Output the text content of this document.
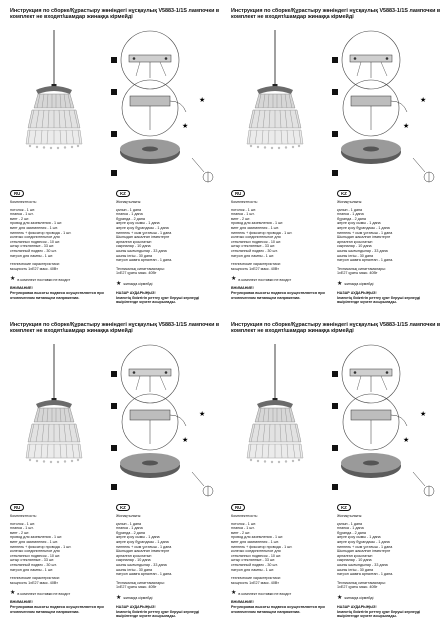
Инструкция по сборке/Құрастыру жөніндегі нұсқаулық V5883-1/1S лампочки в комплект не входят/шамдар жинаққа кірмейді
RU
Комплектность:
потолок - 1 шт.
планка - 1 шт.
винт - 2 шт.
провод для заземления - 1 шт.
винт для заземления - 1 шт.
ниппель + фиксатор провода - 1 шт.
колечко соединительное для
стеклянных подвесок - 10 шт.
штыр стеклянные - 33 шт.
стеклянный подвес - 30 шт.
патрон для лампы - 1 шт.
технические характеристики:
мощность 1xE27 макс. 40Вт
★ в комплект поставки не входит
ВНИМАНИЕ!
Регулировка высоты подвеса осуществляется при отключенном питающем напряжении.
KZ
Жинақтылығы:
қалып - 1 дана
планка - 1 дана
бұранда - 2 дана
жерге қосу сымы - 1 дана
жерге қосу бұрандасы - 1 дана
ниппель + сым ұстағыш - 1 дана
Шыныдан жасалған ілмектерге
арналған қосылатын
сақиналар - 10 дана
шыны шығындылар - 33 дана
шыны ілгіш - 30 дана
патрон шамға арналған - 1 дана.
Техникалық сипаттамалары:
1xE27 қуаты макс. 40Вт
★ жинаққа кірмейді
НАЗАР АУДАРЫҢЫЗ!
Ілмектің биіктігін реттеу қуат беруші кернеуді өшірілгенде жүзеге асырылады.
Инструкция по сборке/Құрастыру жөніндегі нұсқаулық V5883-1/1S лампочки в комплект не входят/шамдар жинаққа кірмейді
RU
Комплектность:
потолок - 1 шт.
планка - 1 шт.
винт - 2 шт.
провод для заземления - 1 шт.
винт для заземления - 1 шт.
ниппель + фиксатор провода - 1 шт.
колечко соединительное для
стеклянных подвесок - 10 шт.
штыр стеклянные - 33 шт.
стеклянный подвес - 30 шт.
патрон для лампы - 1 шт.
технические характеристики:
мощность 1xE27 макс. 40Вт
★ в комплект поставки не входит
ВНИМАНИЕ!
Регулировка высоты подвеса осуществляется при отключенном питающем напряжении.
KZ
Жинақтылығы:
қалып - 1 дана
планка - 1 дана
бұранда - 2 дана
жерге қосу сымы - 1 дана
жерге қосу бұрандасы - 1 дана
ниппель + сым ұстағыш - 1 дана
Шыныдан жасалған ілмектерге
арналған қосылатын
сақиналар - 10 дана
шыны шығындылар - 33 дана
шыны ілгіш - 30 дана
патрон шамға арналған - 1 дана.
Техникалық сипаттамалары:
1xE27 қуаты макс. 40Вт
★ жинаққа кірмейді
НАЗАР АУДАРЫҢЫЗ!
Ілмектің биіктігін реттеу қуат беруші кернеуді өшірілгенде жүзеге асырылады.
Инструкция по сборке/Құрастыру жөніндегі нұсқаулық V5883-1/1S лампочки в комплект не входят/шамдар жинаққа кірмейді
RU
Комплектность:
потолок - 1 шт.
планка - 1 шт.
винт - 2 шт.
провод для заземления - 1 шт.
винт для заземления - 1 шт.
ниппель + фиксатор провода - 1 шт.
колечко соединительное для
стеклянных подвесок - 10 шт.
штыр стеклянные - 33 шт.
стеклянный подвес - 30 шт.
патрон для лампы - 1 шт.
технические характеристики:
мощность 1xE27 макс. 40Вт
★ в комплект поставки не входит
ВНИМАНИЕ!
Регулировка высоты подвеса осуществляется при отключенном питающем напряжении.
KZ
Жинақтылығы:
қалып - 1 дана
планка - 1 дана
бұранда - 2 дана
жерге қосу сымы - 1 дана
жерге қосу бұрандасы - 1 дана
ниппель + сым ұстағыш - 1 дана
Шыныдан жасалған ілмектерге
арналған қосылатын
сақиналар - 10 дана
шыны шығындылар - 33 дана
шыны ілгіш - 30 дана
патрон шамға арналған - 1 дана.
Техникалық сипаттамалары:
1xE27 қуаты макс. 40Вт
★ жинаққа кірмейді
НАЗАР АУДАРЫҢЫЗ!
Ілмектің биіктігін реттеу қуат беруші кернеуді өшірілгенде жүзеге асырылады.
Инструкция по сборке/Құрастыру жөніндегі нұсқаулық V5883-1/1S лампочки в комплект не входят/шамдар жинаққа кірмейді
RU
Комплектность:
потолок - 1 шт.
планка - 1 шт.
винт - 2 шт.
провод для заземления - 1 шт.
винт для заземления - 1 шт.
ниппель + фиксатор провода - 1 шт.
колечко соединительное для
стеклянных подвесок - 10 шт.
штыр стеклянные - 33 шт.
стеклянный подвес - 30 шт.
патрон для лампы - 1 шт.
технические характеристики:
мощность 1xE27 макс. 40Вт
★ в комплект поставки не входит
ВНИМАНИЕ!
Регулировка высоты подвеса осуществляется при отключенном питающем напряжении.
KZ
Жинақтылығы:
қалып - 1 дана
планка - 1 дана
бұранда - 2 дана
жерге қосу сымы - 1 дана
жерге қосу бұрандасы - 1 дана
ниппель + сым ұстағыш - 1 дана
Шыныдан жасалған ілмектерге
арналған қосылатын
сақиналар - 10 дана
шыны шығындылар - 33 дана
шыны ілгіш - 30 дана
патрон шамға арналған - 1 дана.
Техникалық сипаттамалары:
1xE27 қуаты макс. 40Вт
★ жинаққа кірмейді
НАЗАР АУДАРЫҢЫЗ!
Ілмектің биіктігін реттеу қуат беруші кернеуді өшірілгенде жүзеге асырылады.
